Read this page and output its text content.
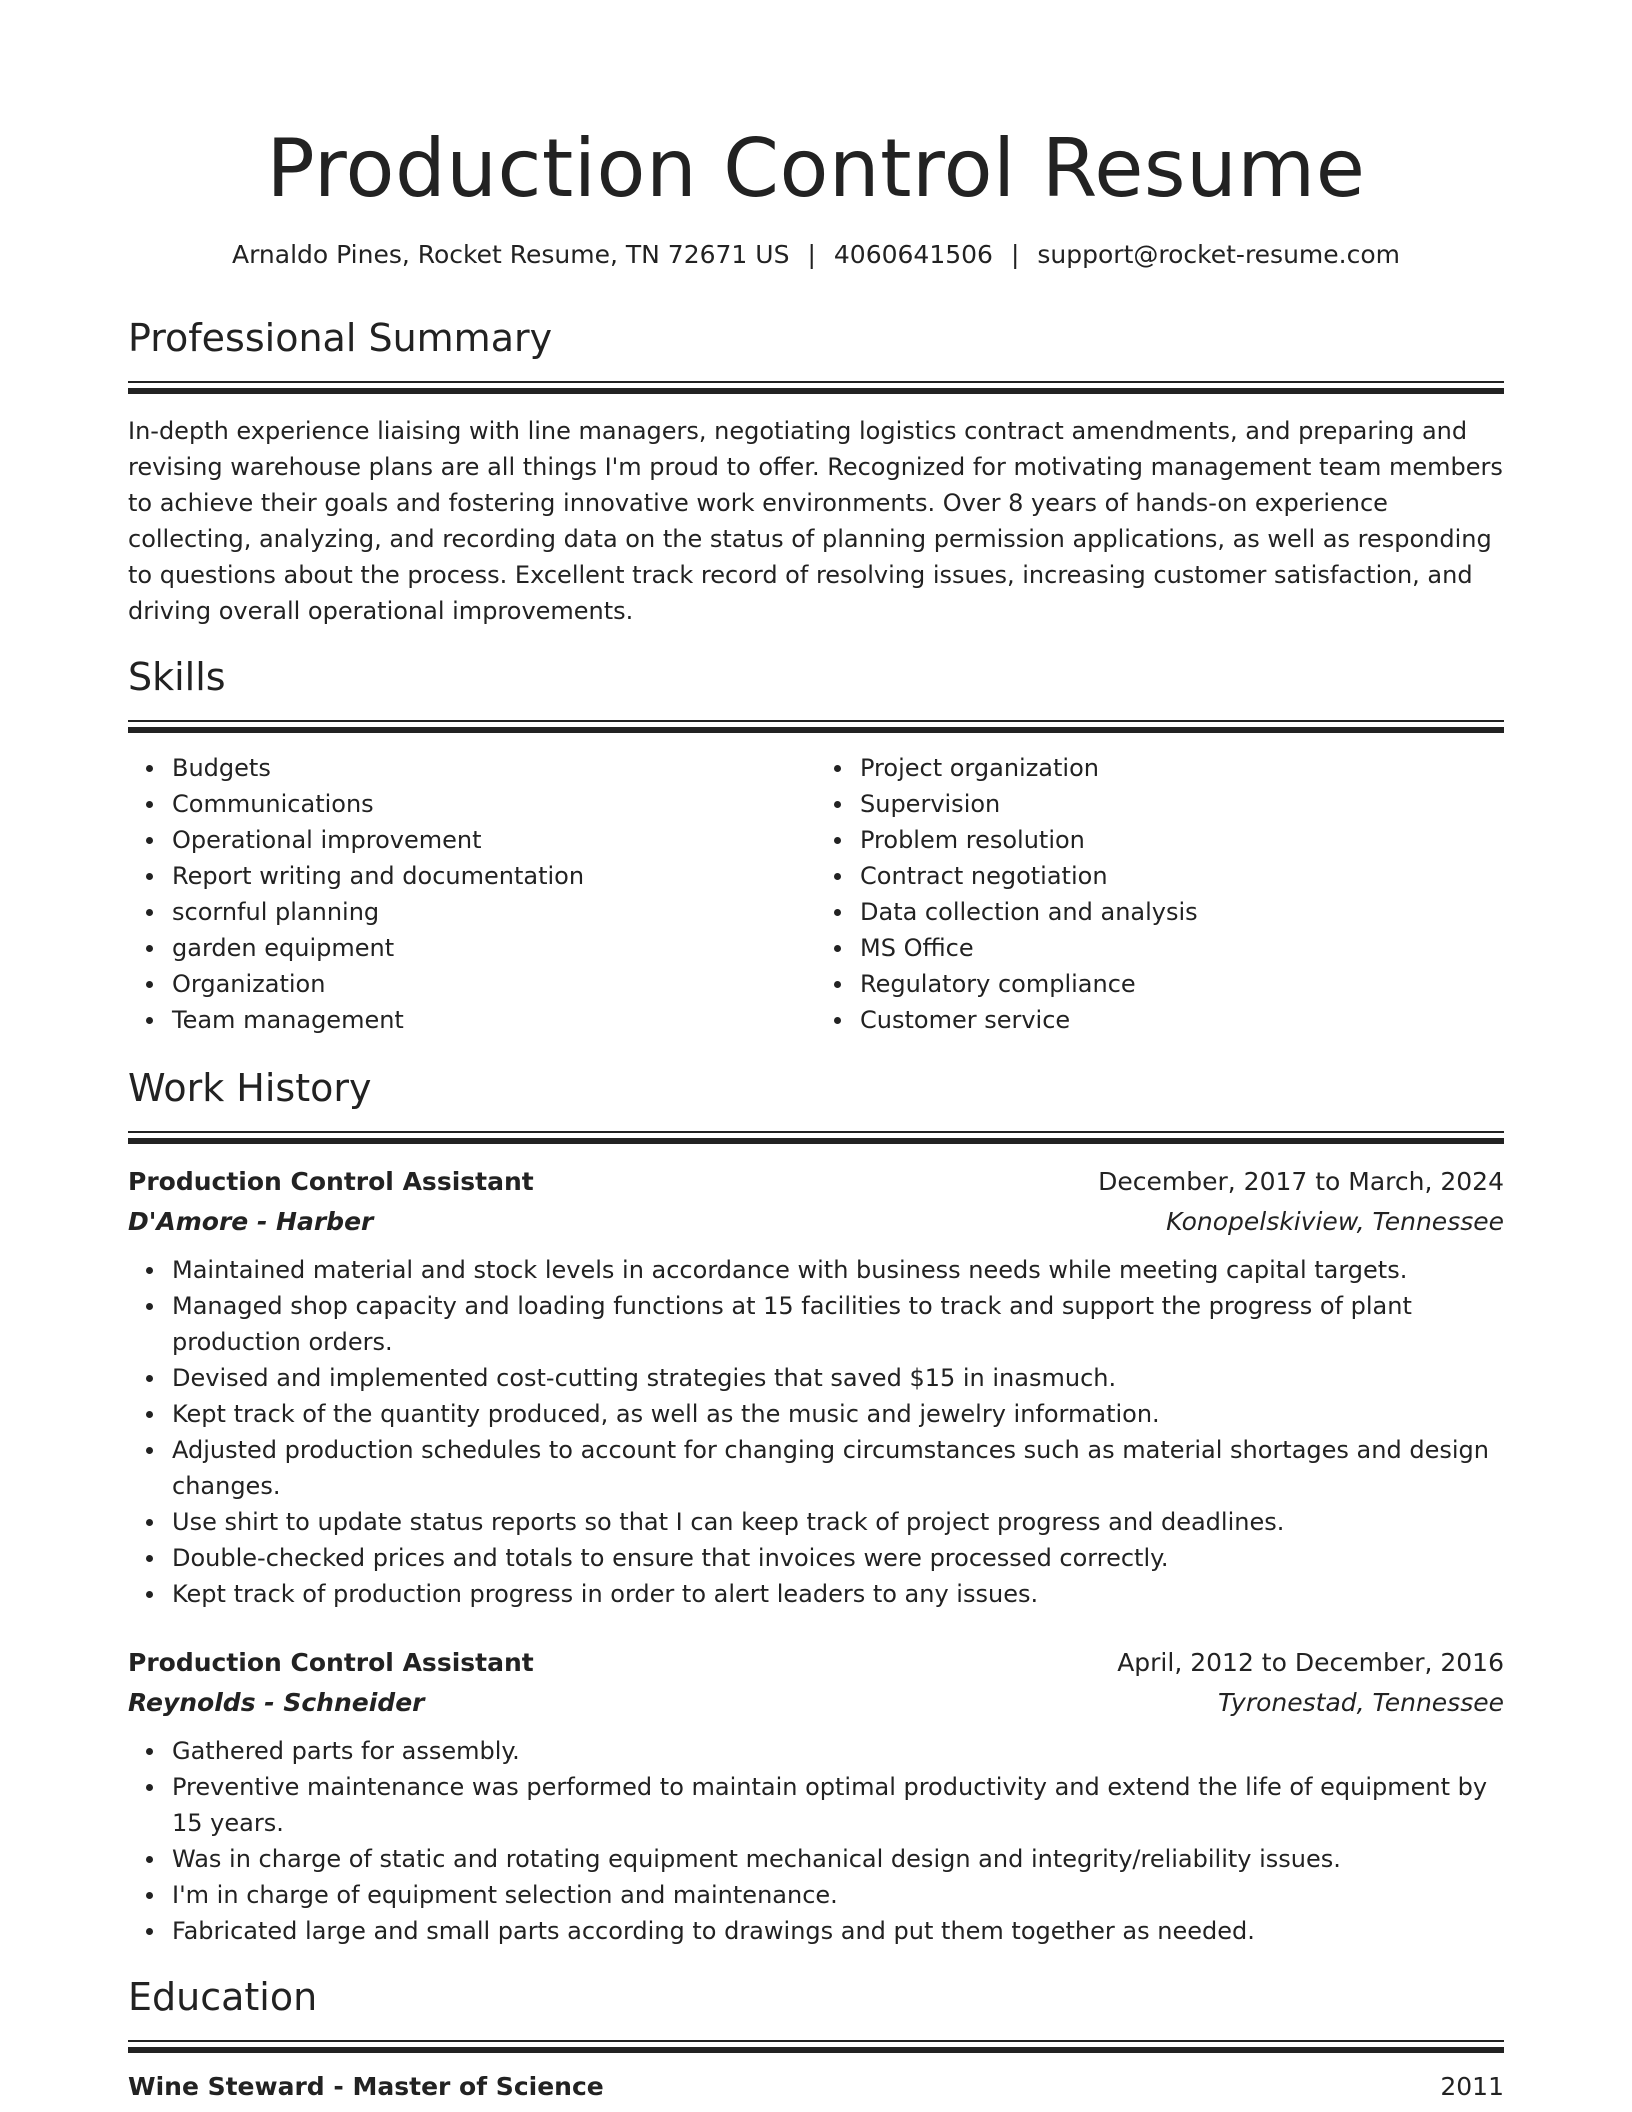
Production Control Resume
Arnaldo Pines, Rocket Resume, TN 72671 US | 4060641506 | support@rocket-resume.com
Professional Summary
In-depth experience liaising with line managers, negotiating logistics contract amendments, and preparing and revising warehouse plans are all things I'm proud to offer. Recognized for motivating management team members to achieve their goals and fostering innovative work environments. Over 8 years of hands-on experience collecting, analyzing, and recording data on the status of planning permission applications, as well as responding to questions about the process. Excellent track record of resolving issues, increasing customer satisfaction, and driving overall operational improvements.
Skills
Budgets
Communications
Operational improvement
Report writing and documentation
scornful planning
garden equipment
Organization
Team management
Project organization
Supervision
Problem resolution
Contract negotiation
Data collection and analysis
MS Office
Regulatory compliance
Customer service
Work History
Production Control Assistant	December, 2017 to March, 2024
D'Amore - Harber	Konopelskiview, Tennessee
Maintained material and stock levels in accordance with business needs while meeting capital targets.
Managed shop capacity and loading functions at 15 facilities to track and support the progress of plant production orders.
Devised and implemented cost-cutting strategies that saved $15 in inasmuch.
Kept track of the quantity produced, as well as the music and jewelry information.
Adjusted production schedules to account for changing circumstances such as material shortages and design changes.
Use shirt to update status reports so that I can keep track of project progress and deadlines.
Double-checked prices and totals to ensure that invoices were processed correctly.
Kept track of production progress in order to alert leaders to any issues.
Production Control Assistant	April, 2012 to December, 2016
Reynolds - Schneider	Tyronestad, Tennessee
Gathered parts for assembly.
Preventive maintenance was performed to maintain optimal productivity and extend the life of equipment by 15 years.
Was in charge of static and rotating equipment mechanical design and integrity/reliability issues.
I'm in charge of equipment selection and maintenance.
Fabricated large and small parts according to drawings and put them together as needed.
Education
Wine Steward - Master of Science	2011
